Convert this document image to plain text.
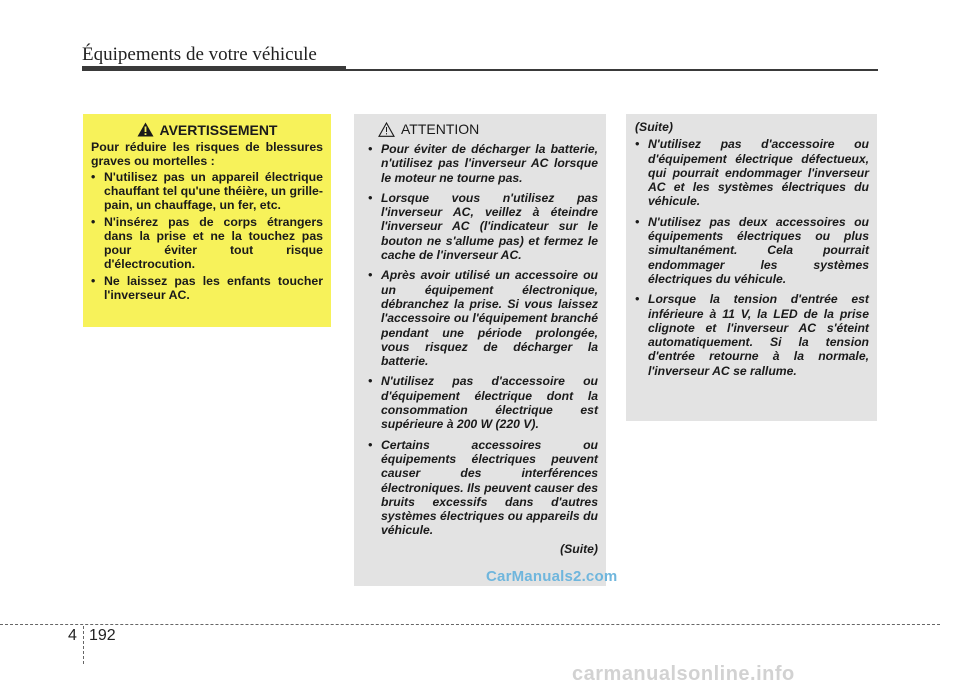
Équipements de votre véhicule
AVERTISSEMENT
Pour réduire les risques de blessures graves ou mortelles :
• N'utilisez pas un appareil électrique chauffant tel qu'une théière, un grille-pain, un chauffage, un fer, etc.
• N'insérez pas de corps étrangers dans la prise et ne la touchez pas pour éviter tout risque d'électrocution.
• Ne laissez pas les enfants toucher l'inverseur AC.
ATTENTION
• Pour éviter de décharger la batterie, n'utilisez pas l'inverseur AC lorsque le moteur ne tourne pas.
• Lorsque vous n'utilisez pas l'inverseur AC, veillez à éteindre l'inverseur AC (l'indicateur sur le bouton ne s'allume pas) et fermez le cache de l'inverseur AC.
• Après avoir utilisé un accessoire ou un équipement électronique, débranchez la prise. Si vous laissez l'accessoire ou l'équipement branché pendant une période prolongée, vous risquez de décharger la batterie.
• N'utilisez pas d'accessoire ou d'équipement électrique dont la consommation électrique est supérieure à 200 W (220 V).
• Certains accessoires ou équipements électriques peuvent causer des interférences électroniques. Ils peuvent causer des bruits excessifs dans d'autres systèmes électriques ou appareils du véhicule.
(Suite)
(Suite)
• N'utilisez pas d'accessoire ou d'équipement électrique défectueux, qui pourrait endommager l'inverseur AC et les systèmes électriques du véhicule.
• N'utilisez pas deux accessoires ou équipements électriques ou plus simultanément. Cela pourrait endommager les systèmes électriques du véhicule.
• Lorsque la tension d'entrée est inférieure à 11 V, la LED de la prise clignote et l'inverseur AC s'éteint automatiquement. Si la tension d'entrée retourne à la normale, l'inverseur AC se rallume.
CarManuals2.com
4 192
carmanualsonline.info
